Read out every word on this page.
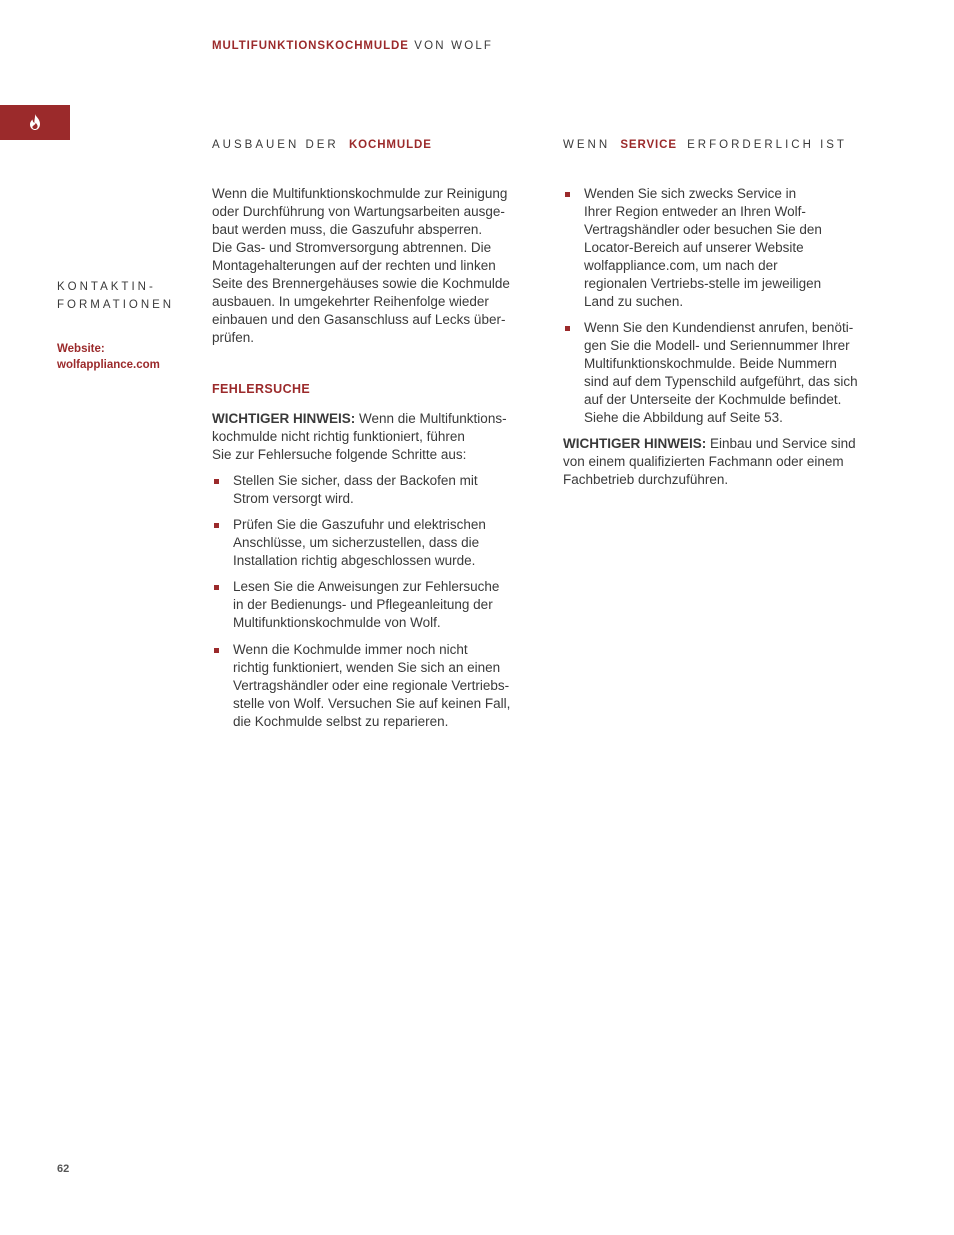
MULTIFUNKTIONSKOCHMULDE VON WOLF
KONTAKTIN-
FORMATIONEN
Website:
wolfappliance.com
AUSBAUEN DER KOCHMULDE

Wenn die Multifunktionskochmulde zur Reinigung
oder Durchführung von Wartungsarbeiten ausge-
baut werden muss, die Gaszufuhr absperren.
Die Gas- und Stromversorgung abtrennen. Die
Montagehalterungen auf der rechten und linken
Seite des Brennergehäuses sowie die Kochmulde
ausbauen. In umgekehrter Reihenfolge wieder
einbauen und den Gasanschluss auf Lecks über-
prüfen.

FEHLERSUCHE

WICHTIGER HINWEIS: Wenn die Multifunktions-
kochmulde nicht richtig funktioniert, führen
Sie zur Fehlersuche folgende Schritte aus:

Stellen Sie sicher, dass der Backofen mit
Strom versorgt wird.
Prüfen Sie die Gaszufuhr und elektrischen
Anschlüsse, um sicherzustellen, dass die
Installation richtig abgeschlossen wurde.
Lesen Sie die Anweisungen zur Fehlersuche
in der Bedienungs- und Pflegeanleitung der
Multifunktionskochmulde von Wolf.
Wenn die Kochmulde immer noch nicht
richtig funktioniert, wenden Sie sich an einen
Vertragshändler oder eine regionale Vertriebs-
stelle von Wolf. Versuchen Sie auf keinen Fall,
die Kochmulde selbst zu reparieren.
WENN SERVICE ERFORDERLICH IST
Wenden Sie sich zwecks Service in
Ihrer Region entweder an Ihren Wolf-
Vertragshändler oder besuchen Sie den
Locator-Bereich auf unserer Website
wolfappliance.com, um nach der
regionalen Vertriebs-stelle im jeweiligen
Land zu suchen.
Wenn Sie den Kundendienst anrufen, benöti-
gen Sie die Modell- und Seriennummer Ihrer
Multifunktionskochmulde. Beide Nummern
sind auf dem Typenschild aufgeführt, das sich
auf der Unterseite der Kochmulde befindet.
Siehe die Abbildung auf Seite 53.

WICHTIGER HINWEIS: Einbau und Service sind
von einem qualifizierten Fachmann oder einem
Fachbetrieb durchzuführen.

62
